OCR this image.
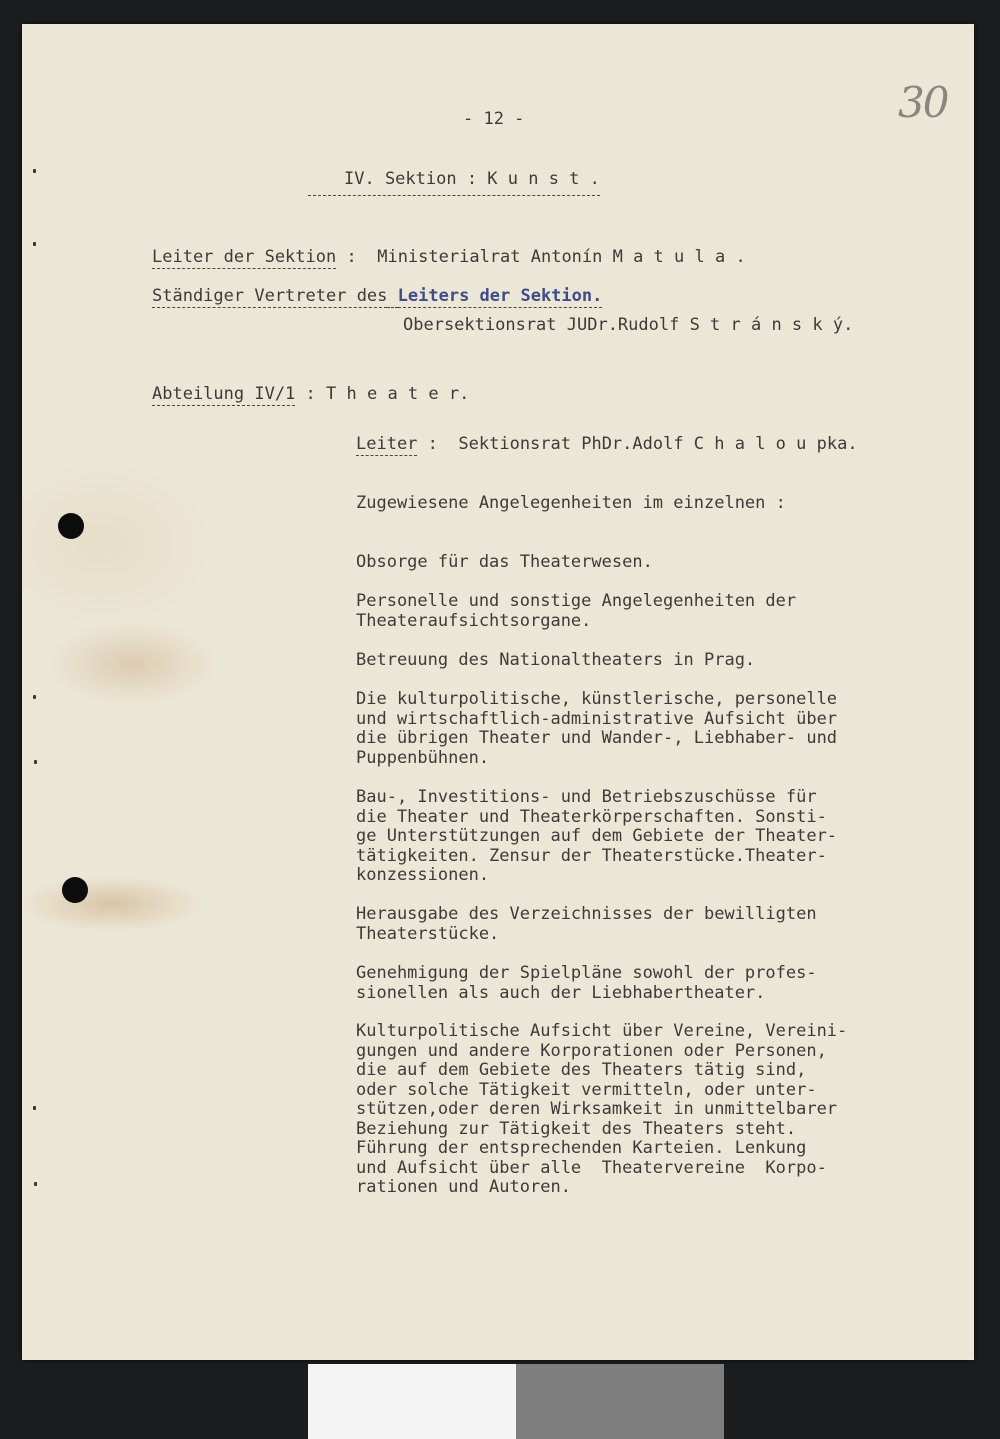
30
- 12 -
IV. Sektion : K u n s t .
Leiter der Sektion : Ministerialrat Antonín M a t u l a .
Ständiger Vertreter des Leiters der Sektion.
Obersektionsrat JUDr.Rudolf S t r á n s k ý.
Abteilung IV/1 : T h e a t e r.
Leiter : Sektionsrat PhDr.Adolf C h a l o u pka.
Zugewiesene Angelegenheiten im einzelnen :
Obsorge für das Theaterwesen.
Personelle und sonstige Angelegenheiten der
Theateraufsichtsorgane.
Betreuung des Nationaltheaters in Prag.
Die kulturpolitische, künstlerische, personelle
und wirtschaftlich-administrative Aufsicht über
die übrigen Theater und Wander-, Liebhaber- und
Puppenbühnen.
Bau-, Investitions- und Betriebszuschüsse für
die Theater und Theaterkörperschaften. Sonsti-
ge Unterstützungen auf dem Gebiete der Theater-
tätigkeiten. Zensur der Theaterstücke.Theater-
konzessionen.
Herausgabe des Verzeichnisses der bewilligten
Theaterstücke.
Genehmigung der Spielpläne sowohl der profes-
sionellen als auch der Liebhabertheater.
Kulturpolitische Aufsicht über Vereine, Vereini-
gungen und andere Korporationen oder Personen,
die auf dem Gebiete des Theaters tätig sind,
oder solche Tätigkeit vermitteln, oder unter-
stützen,oder deren Wirksamkeit in unmittelbarer
Beziehung zur Tätigkeit des Theaters steht.
Führung der entsprechenden Karteien. Lenkung
und Aufsicht über alle  Theatervereine  Korpo-
rationen und Autoren.
